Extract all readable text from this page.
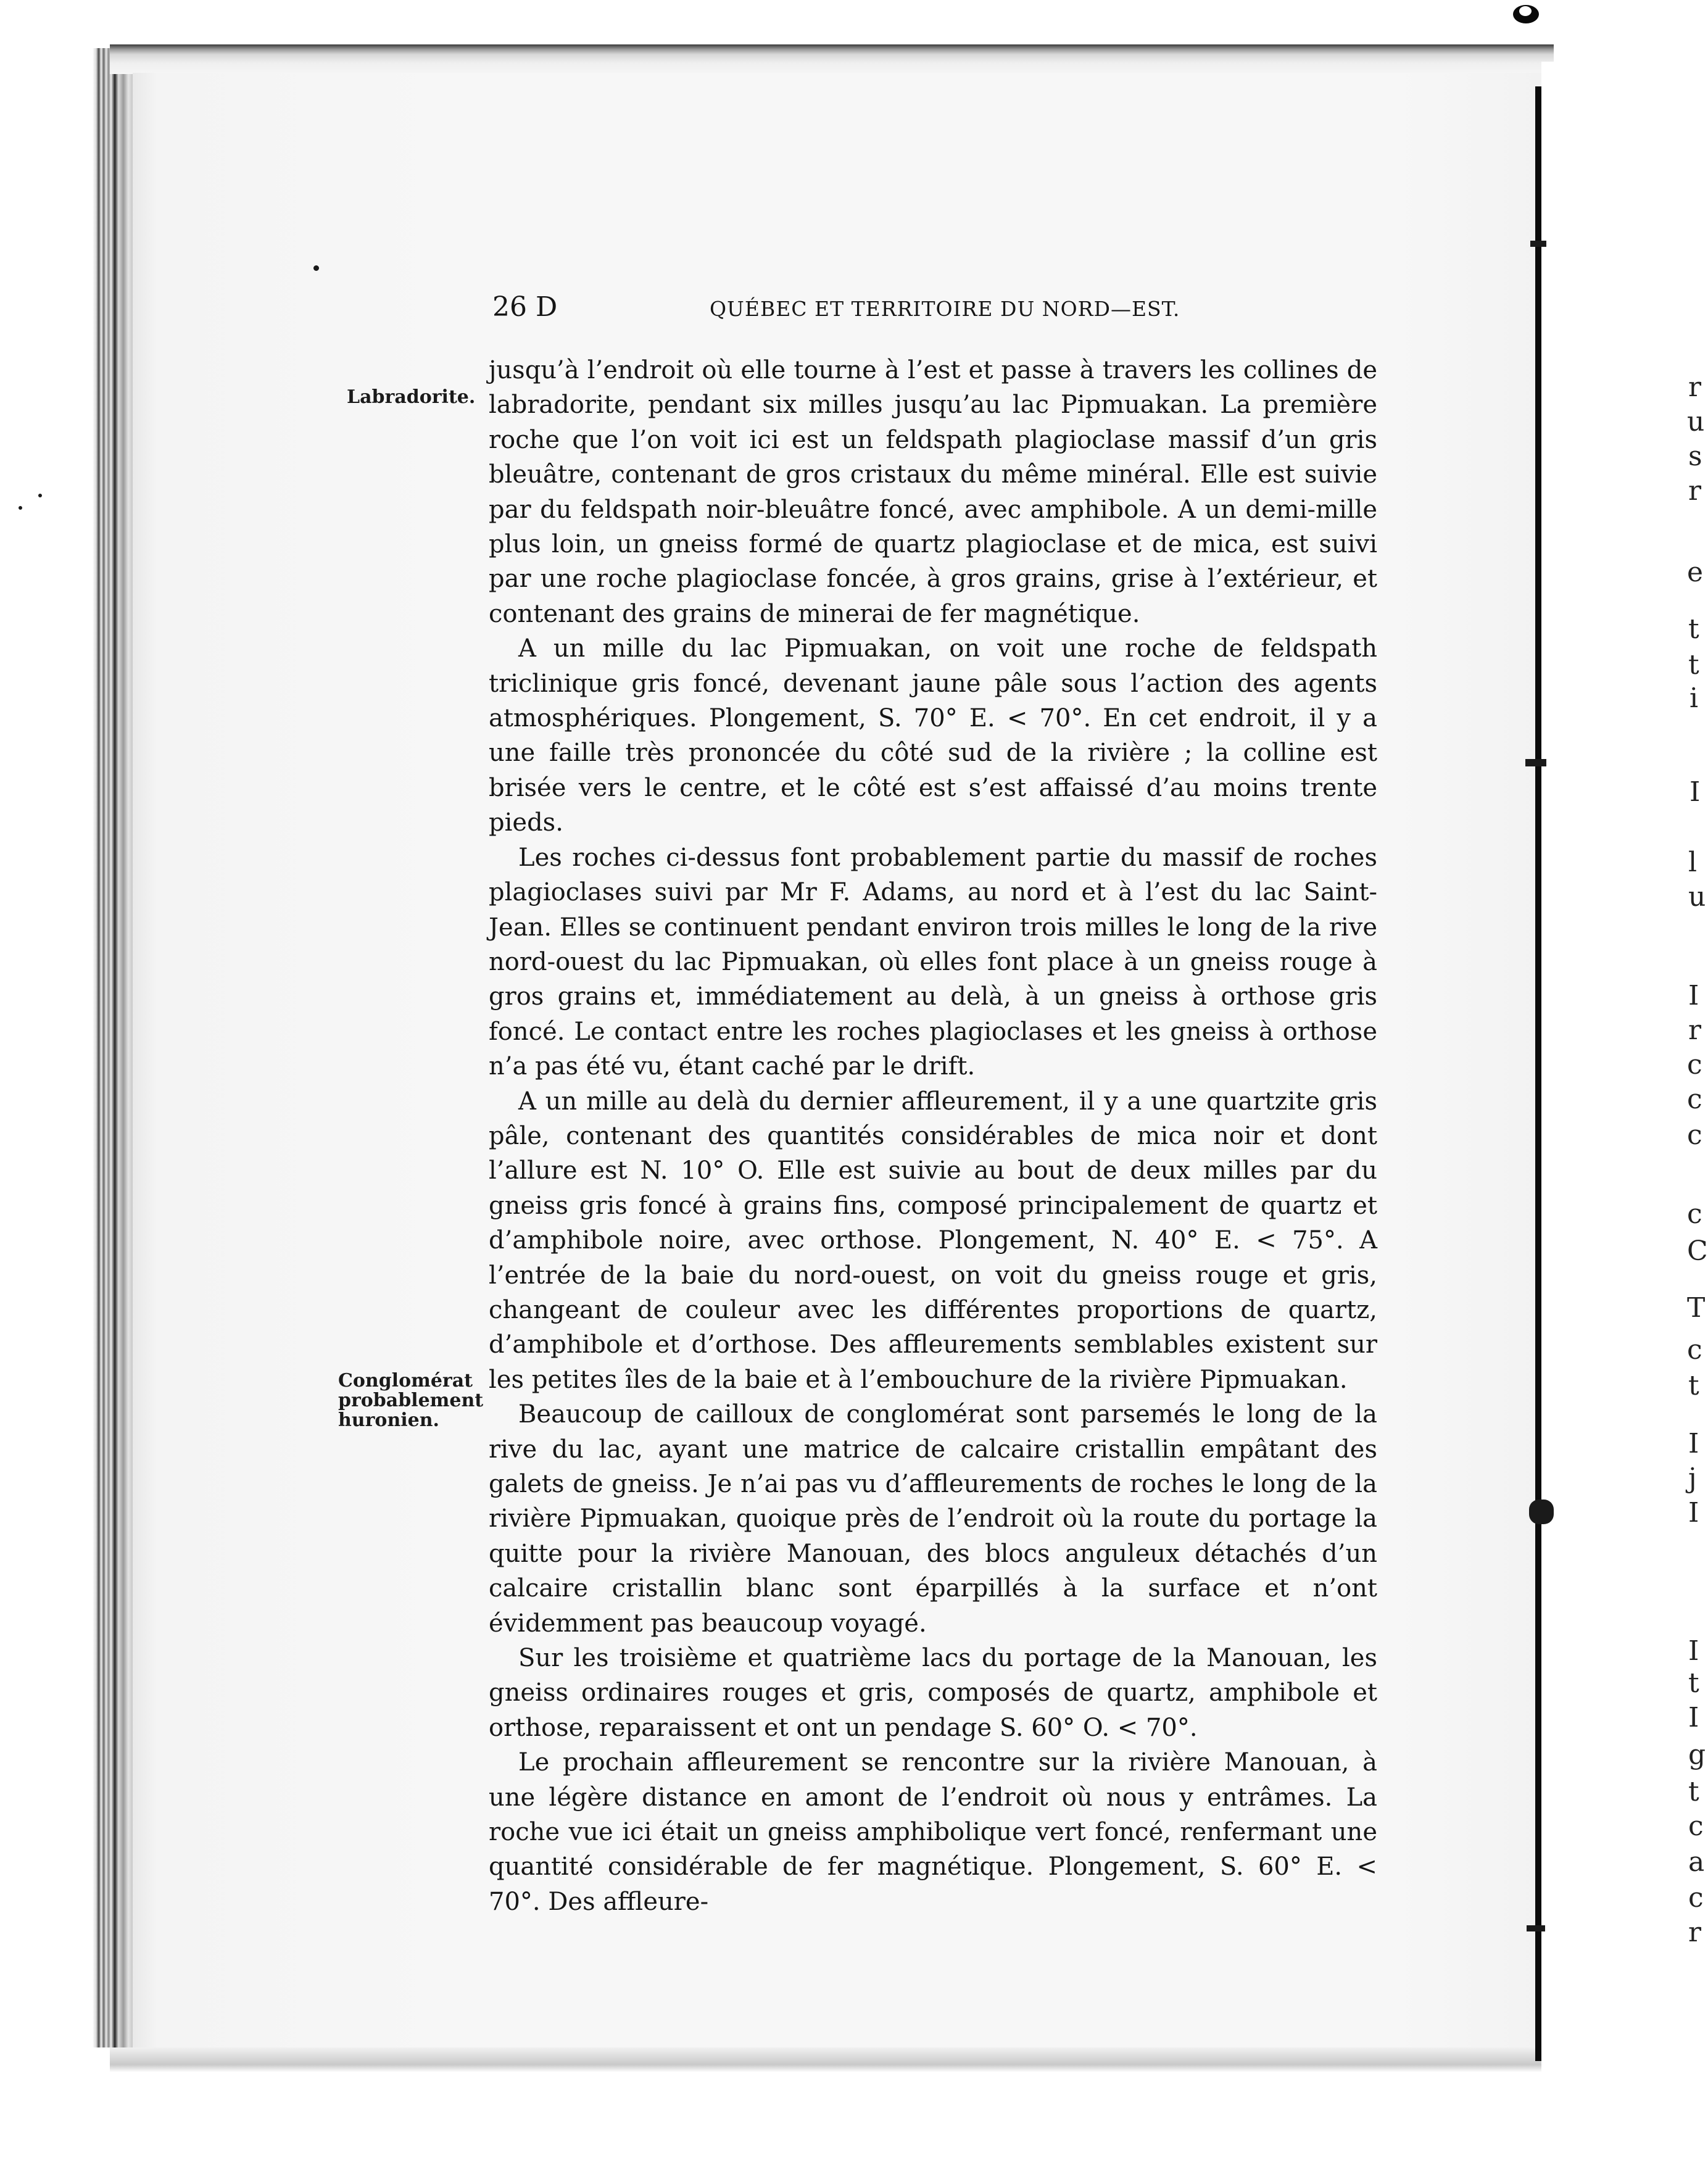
r
u
s
r
e
t
t
i
I
l
u
I
r
c
c
c
c
C
T
c
t
I
j
I
I
t
I
g
t
c
a
c
r
26 D	QUÉBEC ET TERRITOIRE DU NORD—EST.
Labradorite.
Conglomérat
probablement
huronien.

jusqu’à l’endroit où elle tourne à l’est et passe à travers les collines de labradorite, pendant six milles jusqu’au lac Pipmuakan. La première roche que l’on voit ici est un feldspath plagioclase massif d’un gris bleuâtre, contenant de gros cristaux du même minéral. Elle est suivie par du feldspath noir-bleuâtre foncé, avec amphibole. A un demi-mille plus loin, un gneiss formé de quartz plagioclase et de mica, est suivi par une roche plagioclase foncée, à gros grains, grise à l’extérieur, et contenant des grains de minerai de fer magnétique.

A un mille du lac Pipmuakan, on voit une roche de feldspath triclinique gris foncé, devenant jaune pâle sous l’action des agents atmosphériques. Plongement, S. 70° E. < 70°. En cet endroit, il y a une faille très prononcée du côté sud de la rivière ; la colline est brisée vers le centre, et le côté est s’est affaissé d’au moins trente pieds.

Les roches ci-dessus font probablement partie du massif de roches plagioclases suivi par Mr F. Adams, au nord et à l’est du lac Saint-Jean. Elles se continuent pendant environ trois milles le long de la rive nord-ouest du lac Pipmuakan, où elles font place à un gneiss rouge à gros grains et, immédiatement au delà, à un gneiss à orthose gris foncé. Le contact entre les roches plagioclases et les gneiss à orthose n’a pas été vu, étant caché par le drift.

A un mille au delà du dernier affleurement, il y a une quartzite gris pâle, contenant des quantités considérables de mica noir et dont l’allure est N. 10° O. Elle est suivie au bout de deux milles par du gneiss gris foncé à grains fins, composé principalement de quartz et d’amphibole noire, avec orthose. Plongement, N. 40° E. < 75°. A l’entrée de la baie du nord-ouest, on voit du gneiss rouge et gris, changeant de couleur avec les différentes proportions de quartz, d’amphibole et d’orthose. Des affleurements semblables existent sur les petites îles de la baie et à l’embouchure de la rivière Pipmuakan.

Beaucoup de cailloux de conglomérat sont parsemés le long de la rive du lac, ayant une matrice de calcaire cristallin empâtant des galets de gneiss. Je n’ai pas vu d’affleurements de roches le long de la rivière Pipmuakan, quoique près de l’endroit où la route du portage la quitte pour la rivière Manouan, des blocs anguleux détachés d’un calcaire cristallin blanc sont éparpillés à la surface et n’ont évidemment pas beaucoup voyagé.

Sur les troisième et quatrième lacs du portage de la Manouan, les gneiss ordinaires rouges et gris, composés de quartz, amphibole et orthose, reparaissent et ont un pendage S. 60° O. < 70°.

Le prochain affleurement se rencontre sur la rivière Manouan, à une légère distance en amont de l’endroit où nous y entrâmes. La roche vue ici était un gneiss amphibolique vert foncé, renfermant une quantité considérable de fer magnétique. Plongement, S. 60° E. < 70°. Des affleure-
